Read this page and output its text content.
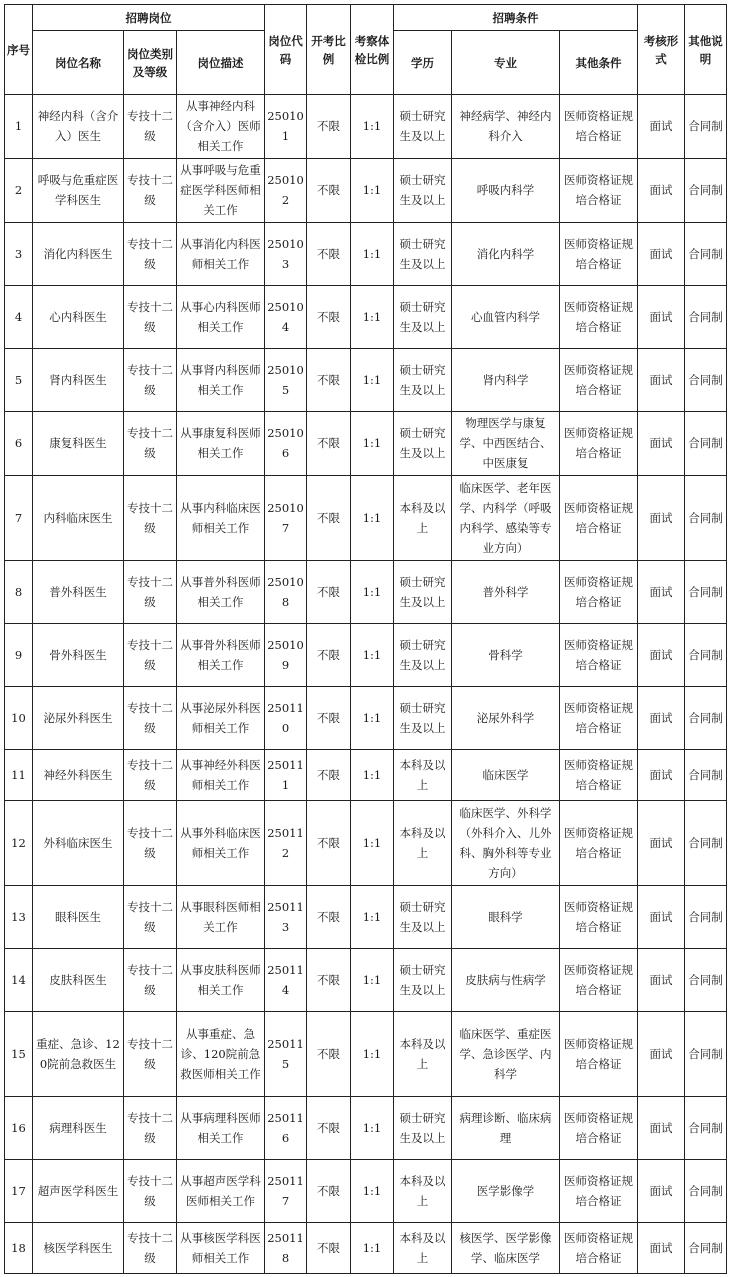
序号	招聘岗位			岗位代码	开考比例	考察体检比例	招聘条件			考核形式	其他说明
	岗位名称	岗位类别及等级	岗位描述				学历	专业	其他条件		
1	神经内科（含介入）医生	专技十二级	从事神经内科（含介入）医师相关工作	250101	不限	1:1	硕士研究生及以上	神经病学、神经内科介入	医师资格证规培合格证	面试	合同制
2	呼吸与危重症医学科医生	专技十二级	从事呼吸与危重症医学科医师相关工作	250102	不限	1:1	硕士研究生及以上	呼吸内科学	医师资格证规培合格证	面试	合同制
3	消化内科医生	专技十二级	从事消化内科医师相关工作	250103	不限	1:1	硕士研究生及以上	消化内科学	医师资格证规培合格证	面试	合同制
4	心内科医生	专技十二级	从事心内科医师相关工作	250104	不限	1:1	硕士研究生及以上	心血管内科学	医师资格证规培合格证	面试	合同制
5	肾内科医生	专技十二级	从事肾内科医师相关工作	250105	不限	1:1	硕士研究生及以上	肾内科学	医师资格证规培合格证	面试	合同制
6	康复科医生	专技十二级	从事康复科医师相关工作	250106	不限	1:1	硕士研究生及以上	物理医学与康复学、中西医结合、中医康复	医师资格证规培合格证	面试	合同制
7	内科临床医生	专技十二级	从事内科临床医师相关工作	250107	不限	1:1	本科及以上	临床医学、老年医学、内科学（呼吸内科学、感染等专业方向）	医师资格证规培合格证	面试	合同制
8	普外科医生	专技十二级	从事普外科医师相关工作	250108	不限	1:1	硕士研究生及以上	普外科学	医师资格证规培合格证	面试	合同制
9	骨外科医生	专技十二级	从事骨外科医师相关工作	250109	不限	1:1	硕士研究生及以上	骨科学	医师资格证规培合格证	面试	合同制
10	泌尿外科医生	专技十二级	从事泌尿外科医师相关工作	250110	不限	1:1	硕士研究生及以上	泌尿外科学	医师资格证规培合格证	面试	合同制
11	神经外科医生	专技十二级	从事神经外科医师相关工作	250111	不限	1:1	本科及以上	临床医学	医师资格证规培合格证	面试	合同制
12	外科临床医生	专技十二级	从事外科临床医师相关工作	250112	不限	1:1	本科及以上	临床医学、外科学（外科介入、儿外科、胸外科等专业方向）	医师资格证规培合格证	面试	合同制
13	眼科医生	专技十二级	从事眼科医师相关工作	250113	不限	1:1	硕士研究生及以上	眼科学	医师资格证规培合格证	面试	合同制
14	皮肤科医生	专技十二级	从事皮肤科医师相关工作	250114	不限	1:1	硕士研究生及以上	皮肤病与性病学	医师资格证规培合格证	面试	合同制
15	重症、急诊、120院前急救医生	专技十二级	从事重症、急诊、120院前急救医师相关工作	250115	不限	1:1	本科及以上	临床医学、重症医学、急诊医学、内科学	医师资格证规培合格证	面试	合同制
16	病理科医生	专技十二级	从事病理科医师相关工作	250116	不限	1:1	硕士研究生及以上	病理诊断、临床病理	医师资格证规培合格证	面试	合同制
17	超声医学科医生	专技十二级	从事超声医学科医师相关工作	250117	不限	1:1	本科及以上	医学影像学	医师资格证规培合格证	面试	合同制
18	核医学科医生	专技十二级	从事核医学科医师相关工作	250118	不限	1:1	本科及以上	核医学、医学影像学、临床医学	医师资格证规培合格证	面试	合同制
